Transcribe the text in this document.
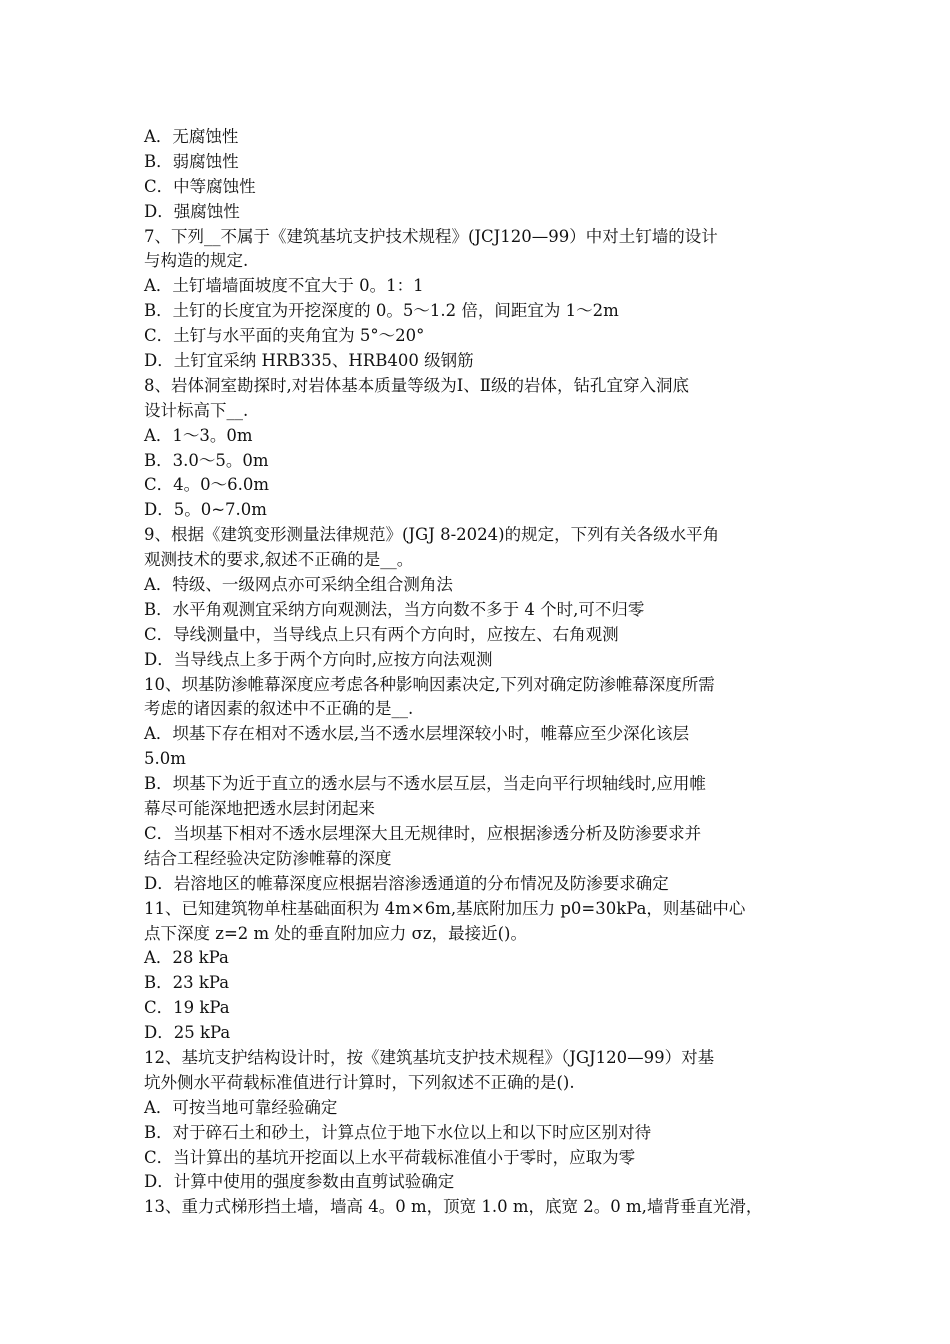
A．无腐蚀性
B．弱腐蚀性
C．中等腐蚀性
D．强腐蚀性
7、下列__不属于《建筑基坑支护技术规程》(JCJ120—99）中对土钉墙的设计
与构造的规定.
A．土钉墙墙面坡度不宜大于 0。1：1
B．土钉的长度宜为开挖深度的 0。5～1.2 倍，间距宜为 1～2m
C．土钉与水平面的夹角宜为 5°～20°
D．土钉宜采纳 HRB335、HRB400 级钢筋
8、岩体洞室勘探时,对岩体基本质量等级为Ⅰ、Ⅱ级的岩体，钻孔宜穿入洞底
设计标高下__.
A．1～3。0m
B．3.0～5。0m
C．4。0～6.0m
D．5。0~7.0m
9、根据《建筑变形测量法律规范》(JGJ 8-2024)的规定，下列有关各级水平角
观测技术的要求,叙述不正确的是__。
A．特级、一级网点亦可采纳全组合测角法
B．水平角观测宜采纳方向观测法，当方向数不多于 4 个时,可不归零
C．导线测量中，当导线点上只有两个方向时，应按左、右角观测
D．当导线点上多于两个方向时,应按方向法观测
10、坝基防渗帷幕深度应考虑各种影响因素决定,下列对确定防渗帷幕深度所需
考虑的诸因素的叙述中不正确的是__.
A．坝基下存在相对不透水层,当不透水层埋深较小时，帷幕应至少深化该层
5.0m
B．坝基下为近于直立的透水层与不透水层互层，当走向平行坝轴线时,应用帷
幕尽可能深地把透水层封闭起来
C．当坝基下相对不透水层埋深大且无规律时，应根据渗透分析及防渗要求并
结合工程经验决定防渗帷幕的深度
D．岩溶地区的帷幕深度应根据岩溶渗透通道的分布情况及防渗要求确定
11、已知建筑物单柱基础面积为 4m×6m,基底附加压力 p0=30kPa，则基础中心
点下深度 z=2 m 处的垂直附加应力 σz，最接近()。
A．28 kPa
B．23 kPa
C．19 kPa
D．25 kPa
12、基坑支护结构设计时，按《建筑基坑支护技术规程》（JGJ120—99）对基
坑外侧水平荷载标准值进行计算时，下列叙述不正确的是().
A．可按当地可靠经验确定
B．对于碎石土和砂土，计算点位于地下水位以上和以下时应区别对待
C．当计算出的基坑开挖面以上水平荷载标准值小于零时，应取为零
D．计算中使用的强度参数由直剪试验确定
13、重力式梯形挡土墙，墙高 4。0 m，顶宽 1.0 m，底宽 2。0 m,墙背垂直光滑，
